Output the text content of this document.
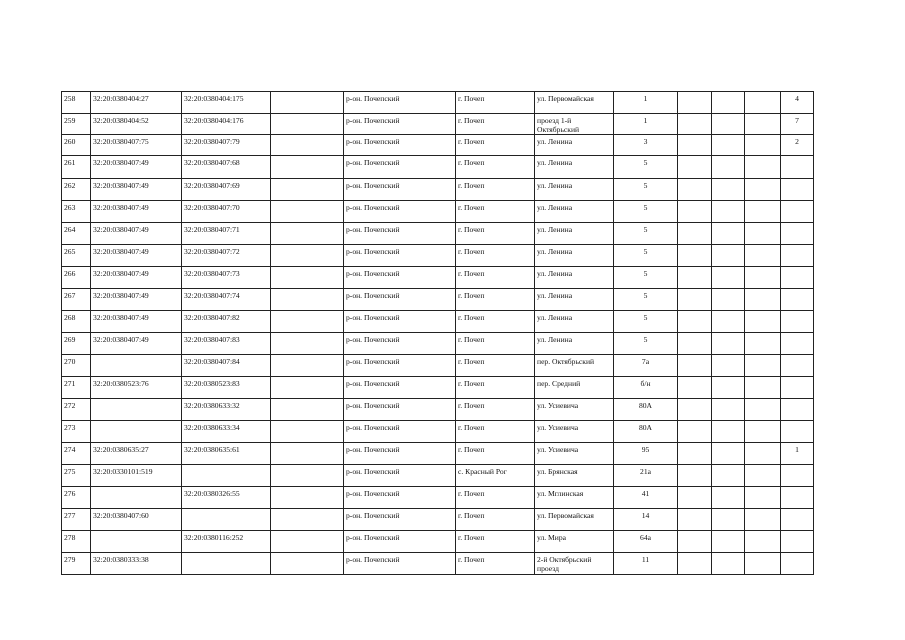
258	32:20:0380404:27	32:20:0380404:175		р-он. Почепский	г. Почеп	ул. Первомайская	1				4
259	32:20:0380404:52	32:20:0380404:176		р-он. Почепский	г. Почеп	проезд 1-й Октябрьский	1				7
260	32:20:0380407:75	32:20:0380407:79		р-он. Почепский	г. Почеп	ул. Ленина	3				2
261	32:20:0380407:49	32:20:0380407:68		р-он. Почепский	г. Почеп	ул. Ленина	5				
262	32:20:0380407:49	32:20:0380407:69		р-он. Почепский	г. Почеп	ул. Ленина	5				
263	32:20:0380407:49	32:20:0380407:70		р-он. Почепский	г. Почеп	ул. Ленина	5				
264	32:20:0380407:49	32:20:0380407:71		р-он. Почепский	г. Почеп	ул. Ленина	5				
265	32:20:0380407:49	32:20:0380407:72		р-он. Почепский	г. Почеп	ул. Ленина	5				
266	32:20:0380407:49	32:20:0380407:73		р-он. Почепский	г. Почеп	ул. Ленина	5				
267	32:20:0380407:49	32:20:0380407:74		р-он. Почепский	г. Почеп	ул. Ленина	5				
268	32:20:0380407:49	32:20:0380407:82		р-он. Почепский	г. Почеп	ул. Ленина	5				
269	32:20:0380407:49	32:20:0380407:83		р-он. Почепский	г. Почеп	ул. Ленина	5				
270		32:20:0380407:84		р-он. Почепский	г. Почеп	пер. Октябрьский	7а				
271	32:20:0380523:76	32:20:0380523:83		р-он. Почепский	г. Почеп	пер. Средний	б/н				
272		32:20:0380633:32		р-он. Почепский	г. Почеп	ул. Усиевича	80А				
273		32:20:0380633:34		р-он. Почепский	г. Почеп	ул. Усиевича	80А				
274	32:20:0380635:27	32:20:0380635:61		р-он. Почепский	г. Почеп	ул. Усиевича	95				1
275	32:20:0330101:519			р-он. Почепский	с. Красный Рог	ул. Брянская	21а				
276		32:20:0380326:55		р-он. Почепский	г. Почеп	ул. Мглинская	41				
277	32:20:0380407:60			р-он. Почепский	г. Почеп	ул. Первомайская	14				
278		32:20:0380116:252		р-он. Почепский	г. Почеп	ул. Мира	64а				
279	32:20:0380333:38			р-он. Почепский	г. Почеп	2-й Октябрьский проезд	11				
